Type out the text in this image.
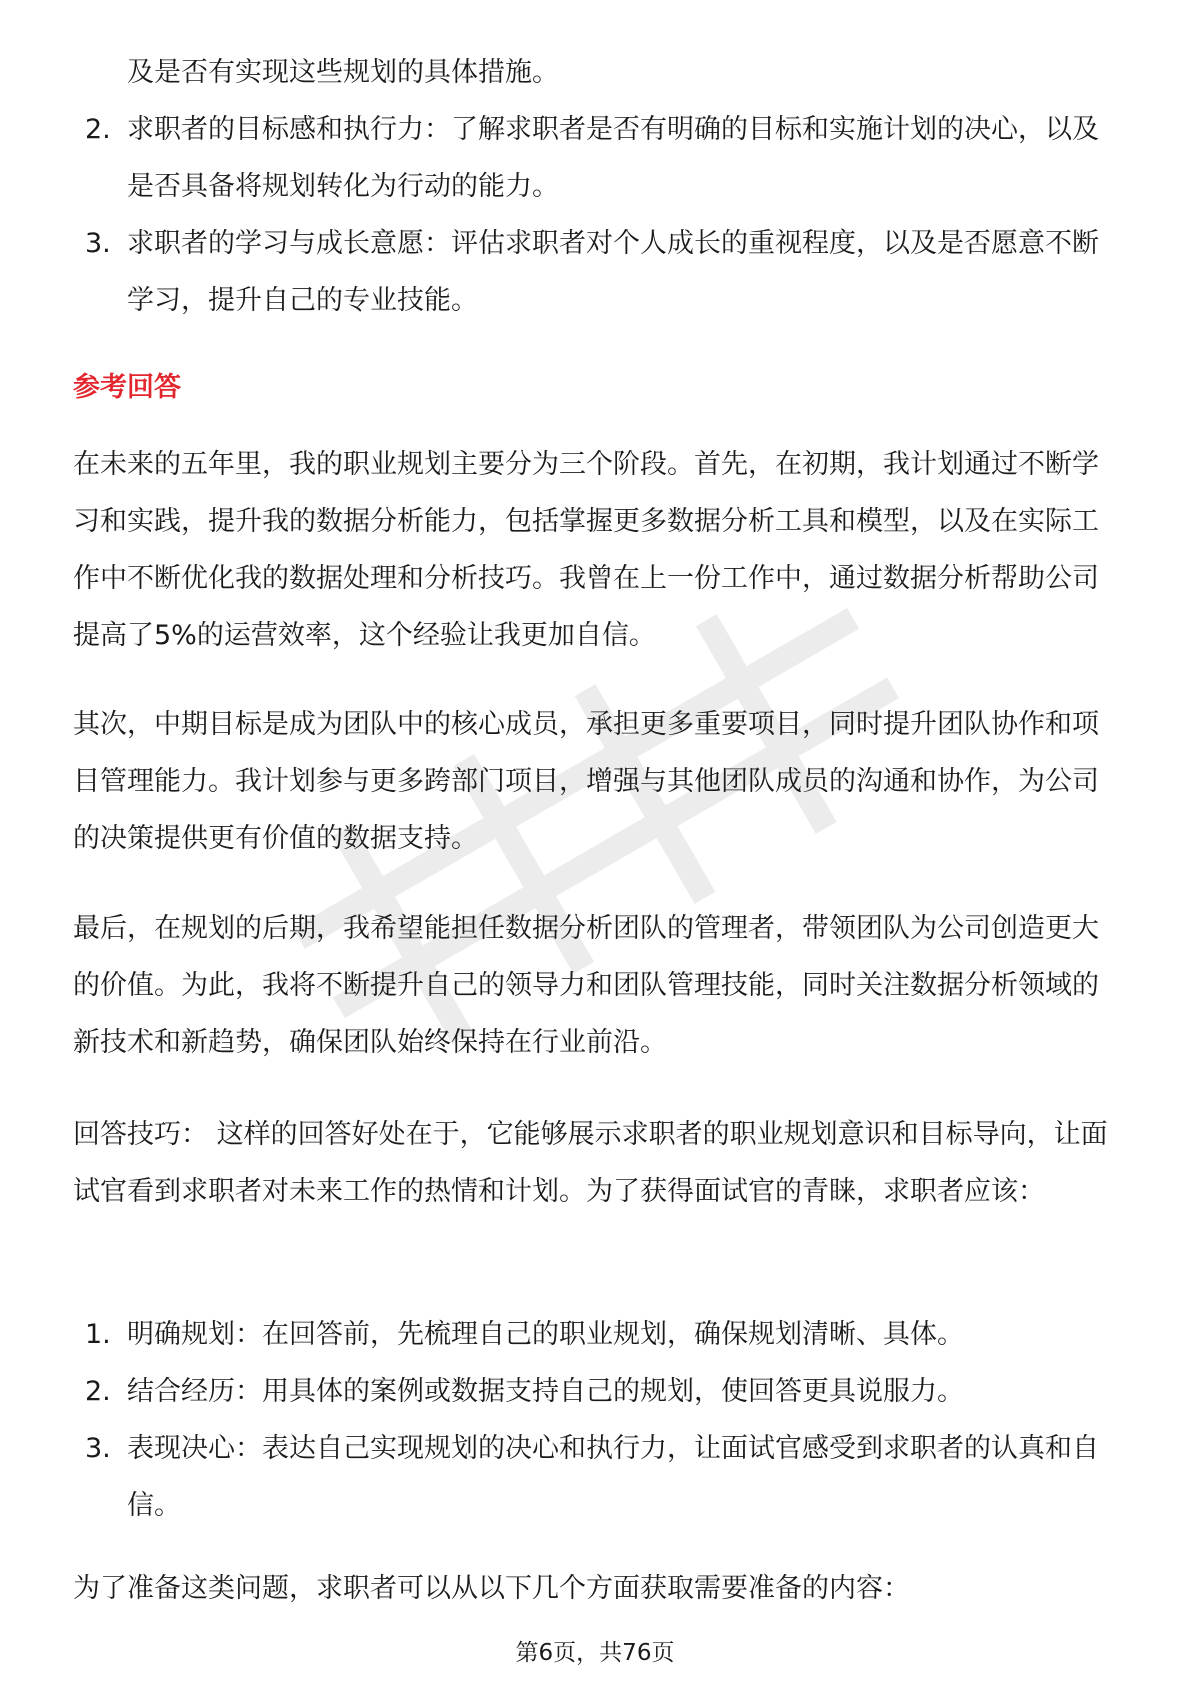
及是否有实现这些规划的具体措施。
2. 求职者的目标感和执行力：了解求职者是否有明确的目标和实施计划的决心，以及是否具备将规划转化为行动的能力。
3. 求职者的学习与成长意愿：评估求职者对个人成长的重视程度，以及是否愿意不断学习，提升自己的专业技能。
参考回答

在未来的五年里，我的职业规划主要分为三个阶段。首先，在初期，我计划通过不断学习和实践，提升我的数据分析能力，包括掌握更多数据分析工具和模型，以及在实际工作中不断优化我的数据处理和分析技巧。我曾在上一份工作中，通过数据分析帮助公司提高了5%的运营效率，这个经验让我更加自信。

其次，中期目标是成为团队中的核心成员，承担更多重要项目，同时提升团队协作和项目管理能力。我计划参与更多跨部门项目，增强与其他团队成员的沟通和协作，为公司的决策提供更有价值的数据支持。

最后，在规划的后期，我希望能担任数据分析团队的管理者，带领团队为公司创造更大的价值。为此，我将不断提升自己的领导力和团队管理技能，同时关注数据分析领域的新技术和新趋势，确保团队始终保持在行业前沿。

回答技巧： 这样的回答好处在于，它能够展示求职者的职业规划意识和目标导向，让面试官看到求职者对未来工作的热情和计划。为了获得面试官的青睐，求职者应该：

1. 明确规划：在回答前，先梳理自己的职业规划，确保规划清晰、具体。
2. 结合经历：用具体的案例或数据支持自己的规划，使回答更具说服力。
3. 表现决心：表达自己实现规划的决心和执行力，让面试官感受到求职者的认真和自信。

为了准备这类问题，求职者可以从以下几个方面获取需要准备的内容：

第6页，共76页
